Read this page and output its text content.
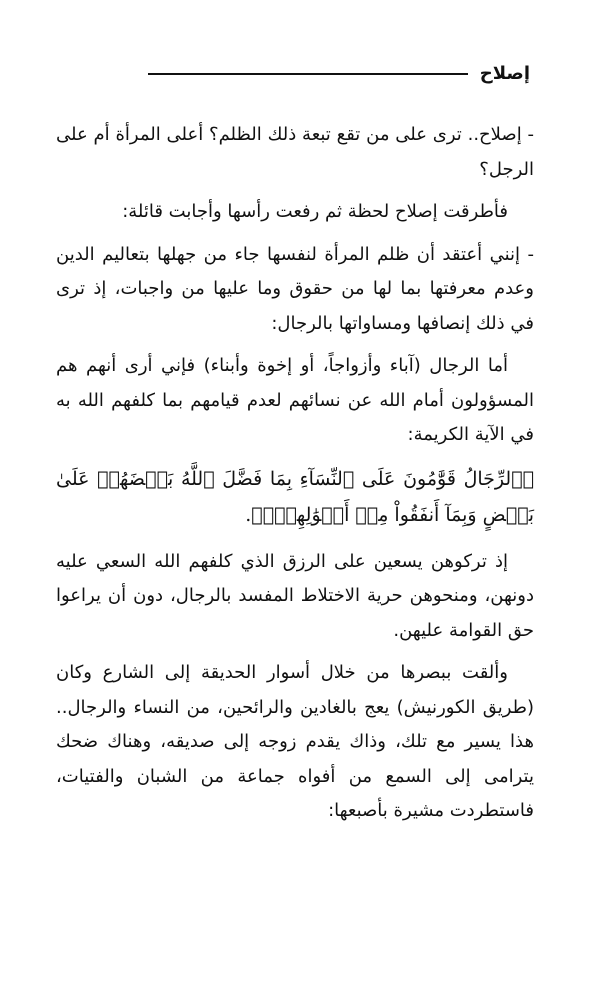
إصلاح

- إصلاح.. ترى على من تقع تبعة ذلك الظلم؟ أعلى المرأة أم على الرجل؟

فأطرقت إصلاح لحظة ثم رفعت رأسها وأجابت قائلة:

- إنني أعتقد أن ظلم المرأة لنفسها جاء من جهلها بتعاليم الدين وعدم معرفتها بما لها من حقوق وما عليها من واجبات، إذ ترى في ذلك إنصافها ومساواتها بالرجال:

أما الرجال (آباء وأزواجاً، أو إخوة وأبناء) فإني أرى أنهم هم المسؤولون أمام الله عن نسائهم لعدم قيامهم بما كلفهم الله به في الآية الكريمة:

﴿ٱلرِّجَالُ قَوَّٰمُونَ عَلَى ٱلنِّسَآءِ بِمَا فَضَّلَ ٱللَّهُ بَعۡضَهُمۡ عَلَىٰ بَعۡضٍ وَبِمَآ أَنفَقُواْ مِنۡ أَمۡوَٰلِهِمۡۚ﴾.

إذ تركوهن يسعين على الرزق الذي كلفهم الله السعي عليه دونهن، ومنحوهن حرية الاختلاط المفسد بالرجال، دون أن يراعوا حق القوامة عليهن.

وألقت ببصرها من خلال أسوار الحديقة إلى الشارع وكان (طريق الكورنيش) يعج بالغادين والرائحين، من النساء والرجال.. هذا يسير مع تلك، وذاك يقدم زوجه إلى صديقه، وهناك ضحك يترامى إلى السمع من أفواه جماعة من الشبان والفتيات، فاستطردت مشيرة بأصبعها:
